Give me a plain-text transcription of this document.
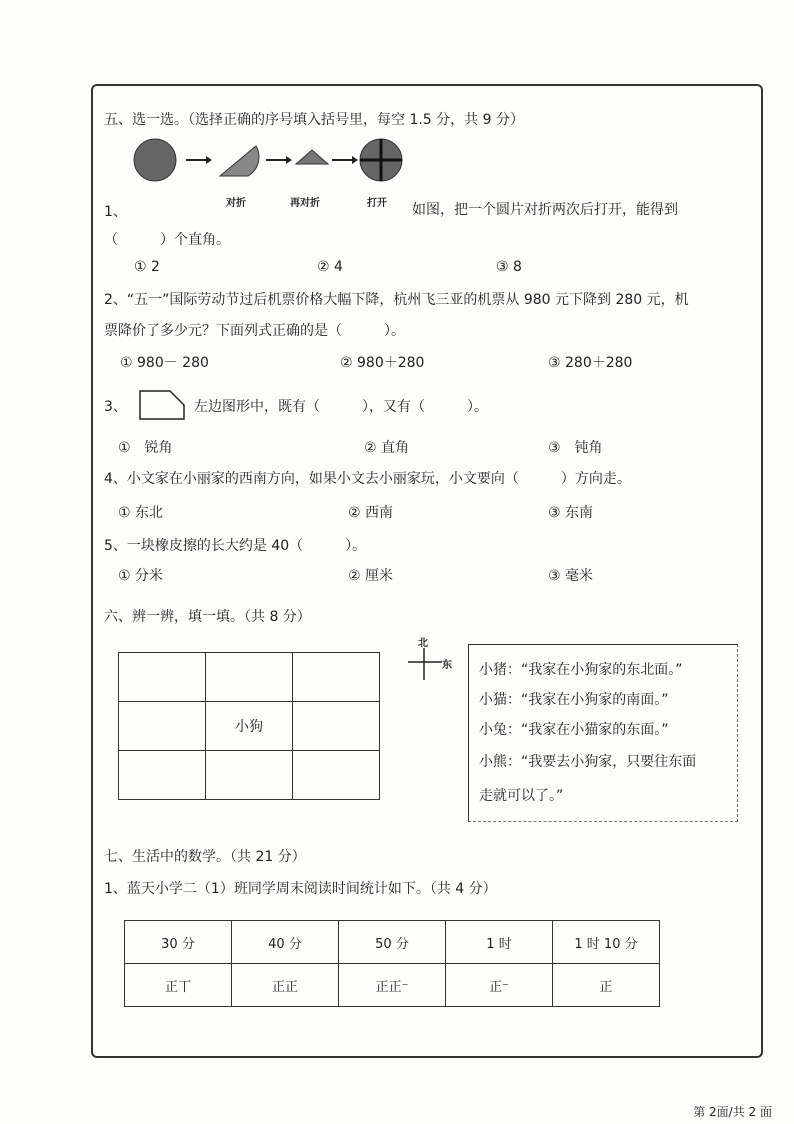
五、选一选。（选择正确的序号填入括号里，每空 1.5 分，共 9 分）
对折	再对折	打开
1、	如图，把一个圆片对折两次后打开，能得到
（　　　）个直角。
① 2	② 4	③ 8
2、“五一”国际劳动节过后机票价格大幅下降，杭州飞三亚的机票从 980 元下降到 280 元，机
票降价了多少元？下面列式正确的是（　　　）。
① 980－ 280	② 980＋280	③ 280＋280
3、	左边图形中，既有（　　　），又有（　　　）。
①　锐角	② 直角	③　钝角
4、小文家在小丽家的西南方向，如果小文去小丽家玩，小文要向（　　　）方向走。
① 东北	② 西南	③ 东南
5、一块橡皮擦的长大约是 40（　　　）。
① 分米	② 厘米	③ 毫米
六、辨一辨，填一填。（共 8 分）

	小狗	

北
东 小猪：“我家在小狗家的东北面。”
小猫：“我家在小狗家的南面。”
小兔：“我家在小猫家的东面。”
小熊：“我要去小狗家，只要往东面
走就可以了。”
七、生活中的数学。（共 21 分）
1、蓝天小学二（1）班同学周末阅读时间统计如下。（共 4 分）
30 分	40 分	50 分	1 时	1 时 10 分
正丅	正正	正正⁻	正⁻	正
第 2面/共 2 面
